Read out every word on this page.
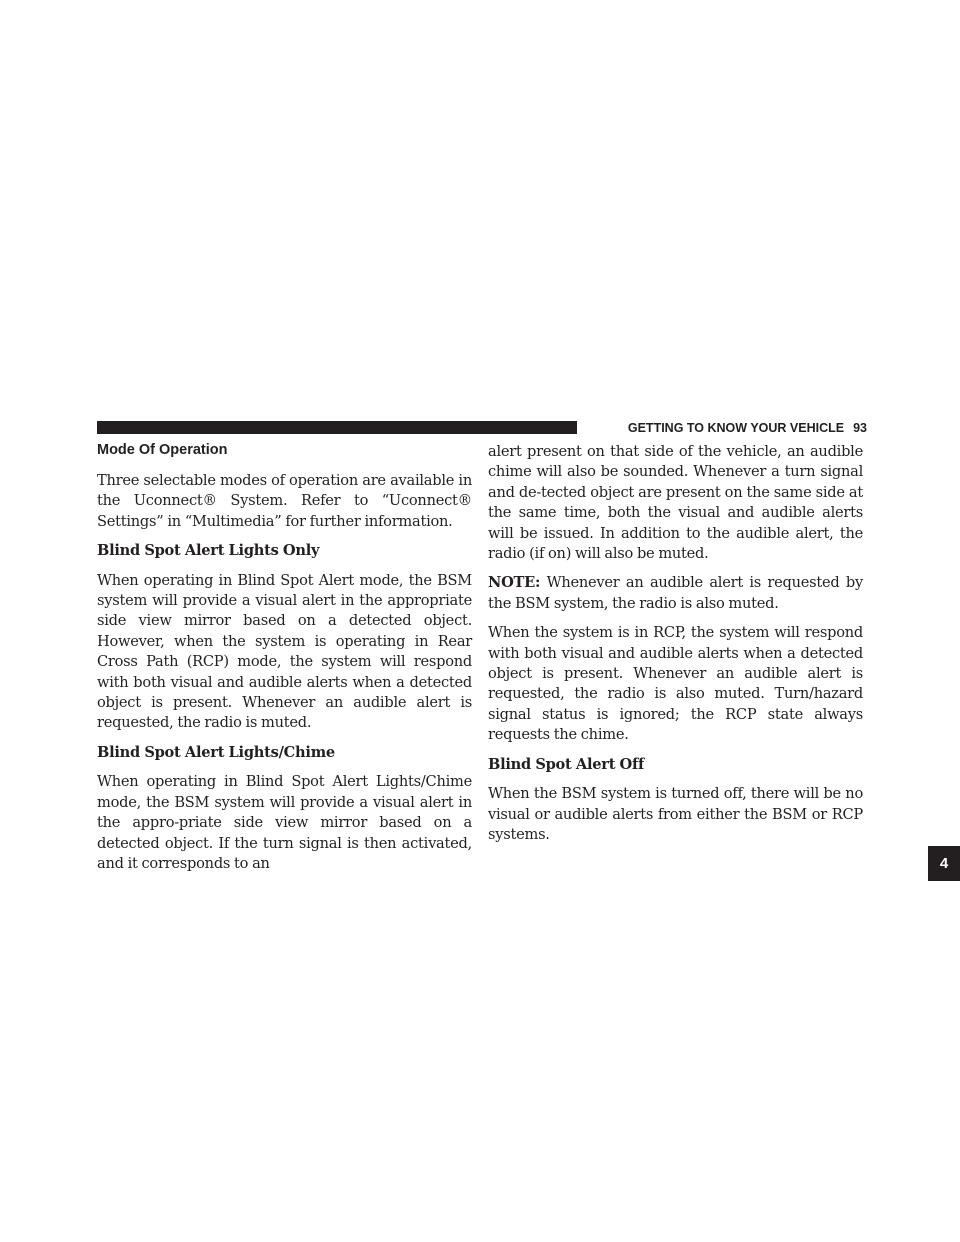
GETTING TO KNOW YOUR VEHICLE 93
4
Mode Of Operation

Three selectable modes of operation are available in the Uconnect® System. Refer to “Uconnect® Settings” in “Multimedia” for further information.

Blind Spot Alert Lights Only

When operating in Blind Spot Alert mode, the BSM system will provide a visual alert in the appropriate side view mirror based on a detected object. However, when the system is operating in Rear Cross Path (RCP) mode, the system will respond with both visual and audible alerts when a detected object is present. Whenever an audible alert is requested, the radio is muted.

Blind Spot Alert Lights/Chime

When operating in Blind Spot Alert Lights/Chime mode, the BSM system will provide a visual alert in the appro-priate side view mirror based on a detected object. If the turn signal is then activated, and it corresponds to an

alert present on that side of the vehicle, an audible chime will also be sounded. Whenever a turn signal and de-tected object are present on the same side at the same time, both the visual and audible alerts will be issued. In addition to the audible alert, the radio (if on) will also be muted.

NOTE: Whenever an audible alert is requested by the BSM system, the radio is also muted.

When the system is in RCP, the system will respond with both visual and audible alerts when a detected object is present. Whenever an audible alert is requested, the radio is also muted. Turn/hazard signal status is ignored; the RCP state always requests the chime.

Blind Spot Alert Off

When the BSM system is turned off, there will be no visual or audible alerts from either the BSM or RCP systems.
